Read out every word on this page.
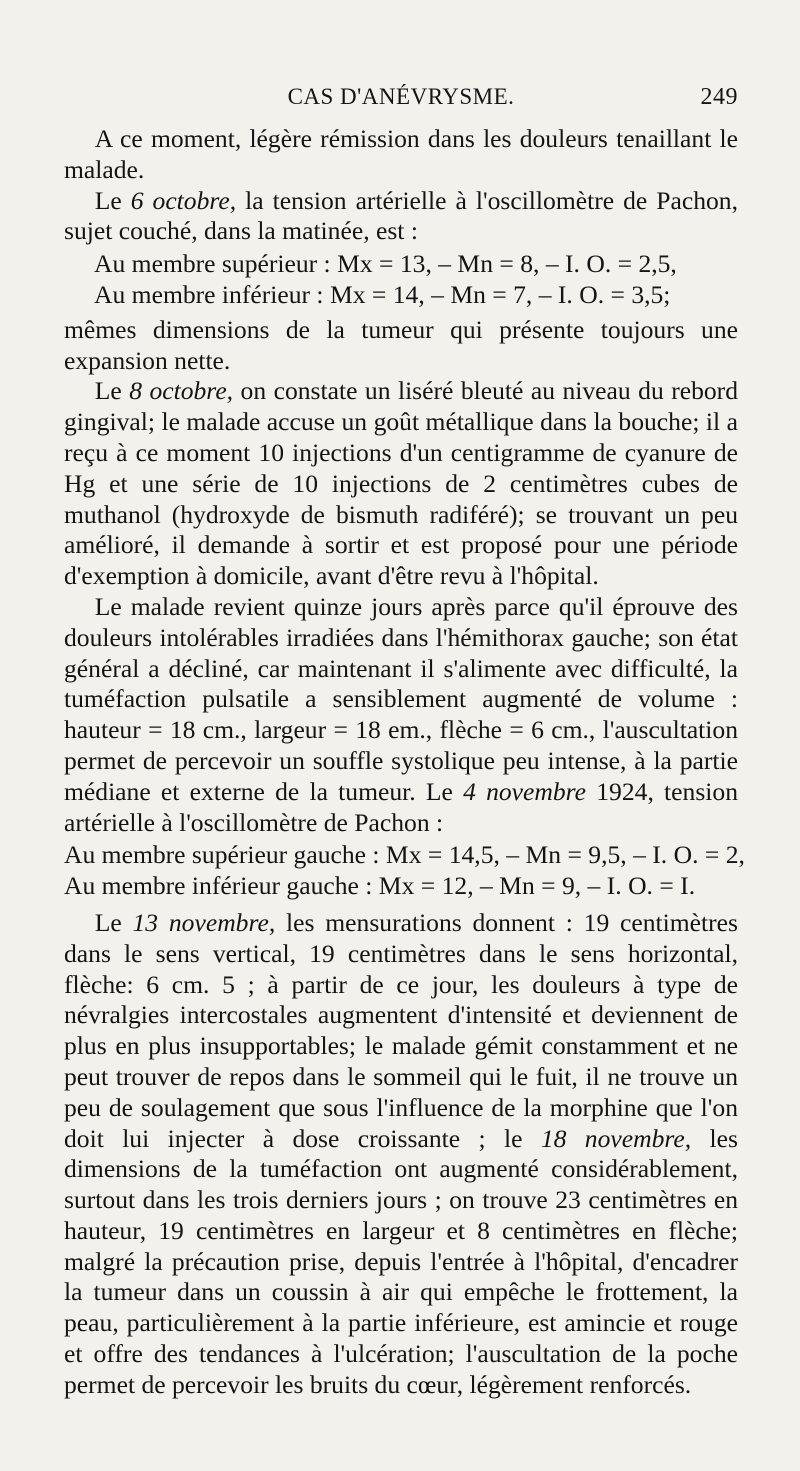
CAS D'ANÉVRYSME.	249

A ce moment, légère rémission dans les douleurs tenaillant le malade.

Le 6 octobre, la tension artérielle à l'oscillomètre de Pachon, sujet couché, dans la matinée, est :

Au membre supérieur : Mx = 13, – Mn = 8, – I. O. = 2,5,
Au membre inférieur : Mx = 14, – Mn = 7, – I. O. = 3,5;

mêmes dimensions de la tumeur qui présente toujours une expansion nette.

Le 8 octobre, on constate un liséré bleuté au niveau du rebord gingival; le malade accuse un goût métallique dans la bouche; il a reçu à ce moment 10 injections d'un centigramme de cyanure de Hg et une série de 10 injections de 2 centimètres cubes de muthanol (hydroxyde de bismuth radiféré); se trouvant un peu amélioré, il demande à sortir et est proposé pour une période d'exemption à domicile, avant d'être revu à l'hôpital.

Le malade revient quinze jours après parce qu'il éprouve des douleurs intolérables irradiées dans l'hémithorax gauche; son état général a décliné, car maintenant il s'alimente avec difficulté, la tuméfaction pulsatile a sensiblement augmenté de volume : hauteur = 18 cm., largeur = 18 em., flèche = 6 cm., l'auscultation permet de percevoir un souffle systolique peu intense, à la partie médiane et externe de la tumeur. Le 4 novembre 1924, tension artérielle à l'oscillomètre de Pachon :

Au membre supérieur gauche : Mx = 14,5, – Mn = 9,5, – I. O. = 2,
Au membre inférieur gauche : Mx = 12, – Mn = 9, – I. O. = I.

Le 13 novembre, les mensurations donnent : 19 centimètres dans le sens vertical, 19 centimètres dans le sens horizontal, flèche: 6 cm. 5 ; à partir de ce jour, les douleurs à type de névralgies intercostales augmentent d'intensité et deviennent de plus en plus insupportables; le malade gémit constamment et ne peut trouver de repos dans le sommeil qui le fuit, il ne trouve un peu de soulagement que sous l'influence de la morphine que l'on doit lui injecter à dose croissante ; le 18 novembre, les dimensions de la tuméfaction ont augmenté considérablement, surtout dans les trois derniers jours ; on trouve 23 centimètres en hauteur, 19 centimètres en largeur et 8 centimètres en flèche; malgré la précaution prise, depuis l'entrée à l'hôpital, d'encadrer la tumeur dans un coussin à air qui empêche le frottement, la peau, particulièrement à la partie inférieure, est amincie et rouge et offre des tendances à l'ulcération; l'auscultation de la poche permet de percevoir les bruits du cœur, légèrement renforcés.
